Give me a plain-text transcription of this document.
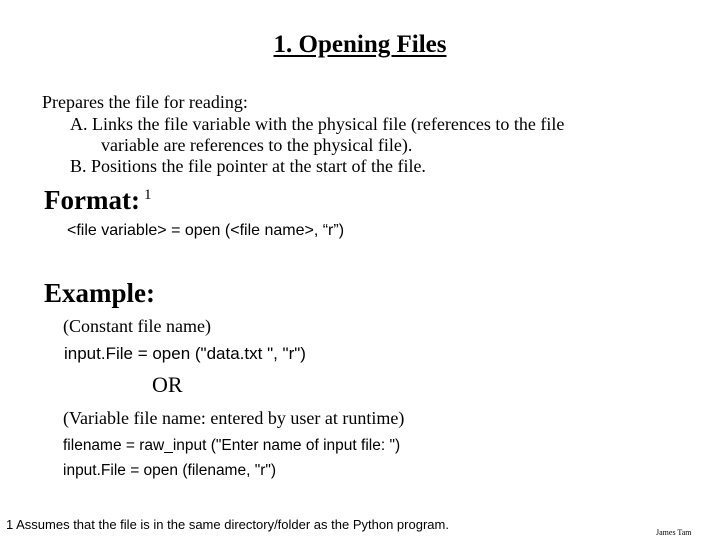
1. Opening Files
Prepares the file for reading:
A. Links the file variable with the physical file (references to the file
variable are references to the physical file).
B. Positions the file pointer at the start of the file.
Format: $^1$
<file variable> = open (<file name>, “r”)
Example:
(Constant file name)
input.File = open ("data.txt ", "r")
OR
(Variable file name: entered by user at runtime)
filename = raw_input ("Enter name of input file: ")
input.File = open (filename, "r")
1 Assumes that the file is in the same directory/folder as the Python program.
James Tam
